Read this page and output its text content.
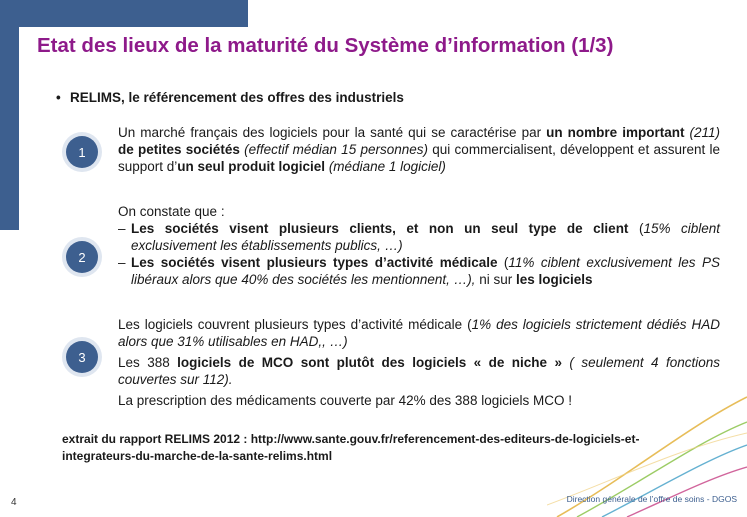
Etat des lieux de la maturité du Système d’information (1/3)
• RELIMS, le référencement des offres des industriels
1
2
3

Un marché français des logiciels pour la santé qui se caractérise par un nombre important (211) de petites sociétés (effectif médian 15 personnes) qui commercialisent, développent et assurent le support d’un seul produit logiciel (médiane 1 logiciel)

On constate que :
– Les sociétés visent plusieurs clients, et non un seul type de client (15% ciblent exclusivement les établissements publics, …)
– Les sociétés visent plusieurs types d’activité médicale (11% ciblent exclusivement les PS libéraux alors que 40% des sociétés les mentionnent, …), ni sur les logiciels
Les logiciels couvrent plusieurs types d’activité médicale (1% des logiciels strictement dédiés HAD alors que 31% utilisables en HAD,, …)
Les 388 logiciels de MCO sont plutôt des logiciels « de niche » ( seulement 4 fonctions couvertes sur 112).
La prescription des médicaments couverte par 42% des 388 logiciels MCO !

extrait du rapport RELIMS 2012 : http://www.sante.gouv.fr/referencement-des-editeurs-de-logiciels-et-integrateurs-du-marche-de-la-sante-relims.html

4	Direction générale de l’offre de soins - DGOS
